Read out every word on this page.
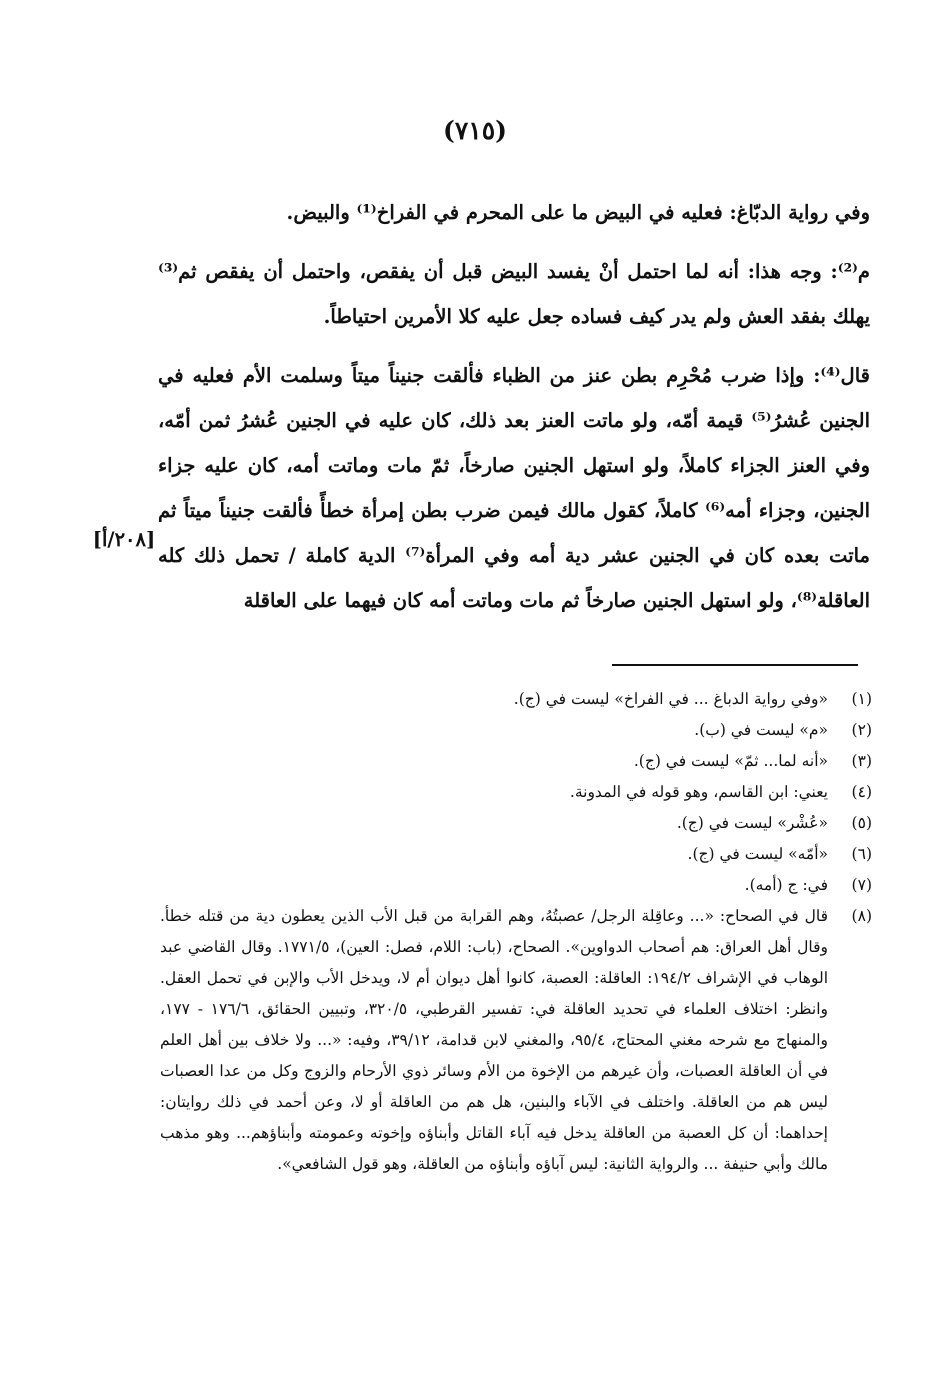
(٧١٥)

وفي رواية الدبّاغ: فعليه في البيض ما على المحرم في الفراخ⁽¹⁾ والبيض.

م⁽²⁾: وجه هذا: أنه لما احتمل أنْ يفسد البيض قبل أن يفقص، واحتمل أن يفقص ثم⁽³⁾ يهلك بفقد العش ولم يدر كيف فساده جعل عليه كلا الأمرين احتياطاً.

قال⁽⁴⁾: وإذا ضرب مُحْرِم بطن عنز من الظباء فألقت جنيناً ميتاً وسلمت الأم فعليه في الجنين عُشرُ⁽⁵⁾ قيمة أمّه، ولو ماتت العنز بعد ذلك، كان عليه في الجنين عُشرُ ثمن أمّه، وفي العنز الجزاء كاملاً، ولو استهل الجنين صارخاً، ثمّ مات وماتت أمه، كان عليه جزاء الجنين، وجزاء أمه⁽⁶⁾ كاملاً، كقول مالك فيمن ضرب بطن إمرأة خطأً فألقت جنيناً ميتاً ثم ماتت بعده كان في الجنين عشر دية أمه وفي المرأة⁽⁷⁾ الدية كاملة / تحمل ذلك كله العاقلة⁽⁸⁾، ولو استهل الجنين صارخاً ثم مات وماتت أمه كان فيهما على العاقلة

[٢٠٨/أ]
(١)
«وفي رواية الدباغ ... في الفراخ» ليست في (ج).
(٢)
«م» ليست في (ب).
(٣)
«أنه لما... ثمّ» ليست في (ج).
(٤)
يعني: ابن القاسم، وهو قوله في المدونة.
(٥)
«عُشْر» ليست في (ج).
(٦)
«أمّه» ليست في (ج).
(٧)
في: ج (أمه).
(٨)
قال في الصحاح: «... وعاقِلة الرجل/ عصبتُهُ، وهم القرابة من قبل الأب الذين يعطون دية من قتله خطأ. وقال أهل العراق: هم أصحاب الدواوين». الصحاح، (باب: اللام، فصل: العين)، ١٧٧١/٥. وقال القاضي عبد الوهاب في الإشراف ١٩٤/٢: العاقلة: العصبة، كانوا أهل ديوان أم لا، ويدخل الأب والإبن في تحمل العقل. وانظر: اختلاف العلماء في تحديد العاقلة في: تفسير القرطبي، ٣٢٠/٥، وتبيين الحقائق، ١٧٦/٦ - ١٧٧، والمنهاج مع شرحه مغني المحتاج، ٩٥/٤، والمغني لابن قدامة، ٣٩/١٢، وفيه: «... ولا خلاف بين أهل العلم في أن العاقلة العصبات، وأن غيرهم من الإخوة من الأم وسائر ذوي الأرحام والزوج وكل من عدا العصبات ليس هم من العاقلة. واختلف في الآباء والبنين، هل هم من العاقلة أو لا، وعن أحمد في ذلك روايتان: إحداهما: أن كل العصبة من العاقلة يدخل فيه آباء القاتل وأبناؤه وإخوته وعمومته وأبناؤهم... وهو مذهب مالك وأبي حنيفة ... والرواية الثانية: ليس آباؤه وأبناؤه من العاقلة، وهو قول الشافعي».
